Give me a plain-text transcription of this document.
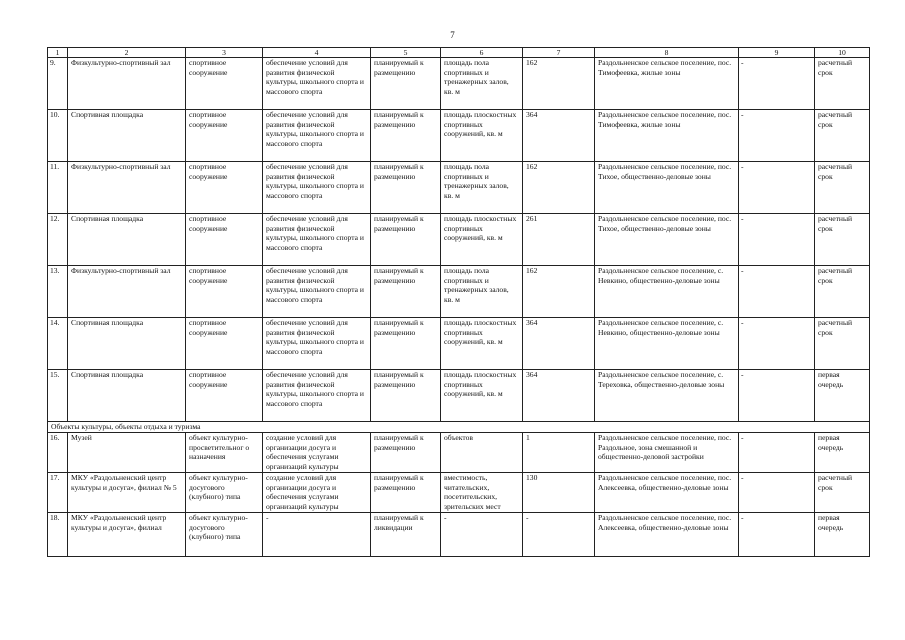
7
1	2	3	4	5	6	7	8	9	10
9.	Физкультурно-спортивный зал	спортивное сооружение	обеспечение условий для развития физической культуры, школьного спорта и массового спорта	планируемый к размещению	площадь пола спортивных и тренажерных залов, кв. м	162	Раздольненское сельское поселение, пос. Тимофеевка, жилые зоны	-	расчетный срок
10.	Спортивная площадка	спортивное сооружение	обеспечение условий для развития физической культуры, школьного спорта и массового спорта	планируемый к размещению	площадь плоскостных спортивных сооружений, кв. м	364	Раздольненское сельское поселение, пос. Тимофеевка, жилые зоны	-	расчетный срок
11.	Физкультурно-спортивный зал	спортивное сооружение	обеспечение условий для развития физической культуры, школьного спорта и массового спорта	планируемый к размещению	площадь пола спортивных и тренажерных залов, кв. м	162	Раздольненское сельское поселение, пос. Тихое, общественно-деловые зоны	-	расчетный срок
12.	Спортивная площадка	спортивное сооружение	обеспечение условий для развития физической культуры, школьного спорта и массового спорта	планируемый к размещению	площадь плоскостных спортивных сооружений, кв. м	261	Раздольненское сельское поселение, пос. Тихое, общественно-деловые зоны	-	расчетный срок
13.	Физкультурно-спортивный зал	спортивное сооружение	обеспечение условий для развития физической культуры, школьного спорта и массового спорта	планируемый к размещению	площадь пола спортивных и тренажерных залов, кв. м	162	Раздольненское сельское поселение, с. Невкино, общественно-деловые зоны	-	расчетный срок
14.	Спортивная площадка	спортивное сооружение	обеспечение условий для развития физической культуры, школьного спорта и массового спорта	планируемый к размещению	площадь плоскостных спортивных сооружений, кв. м	364	Раздольненское сельское поселение, с. Невкино, общественно-деловые зоны	-	расчетный срок
15.	Спортивная площадка	спортивное сооружение	обеспечение условий для развития физической культуры, школьного спорта и массового спорта	планируемый к размещению	площадь плоскостных спортивных сооружений, кв. м	364	Раздольненское сельское поселение, с. Тереховка, общественно-деловые зоны	-	первая очередь
Объекты культуры, объекты отдыха и туризма									
16.	Музей	объект культурно-просветительног о назначения	создание условий для организации досуга и обеспечения услугами организаций культуры	планируемый к размещению	объектов	1	Раздольненское сельское поселение, пос. Раздольное, зона смешанной и общественно-деловой застройки	-	первая очередь
17.	МКУ «Раздольненский центр культуры и досуга», филиал № 5	объект культурно-досугового (клубного) типа	создание условий для организации досуга и обеспечения услугами организаций культуры	планируемый к размещению	вместимость, читательских, посетительских, зрительских мест	130	Раздольненское сельское поселение, пос. Алексеевка, общественно-деловые зоны	-	расчетный срок
18.	МКУ «Раздольненский центр культуры и досуга», филиал	объект культурно-досугового (клубного) типа	-	планируемый к ликвидации	-	-	Раздольненское сельское поселение, пос. Алексеевка, общественно-деловые зоны	-	первая очередь
